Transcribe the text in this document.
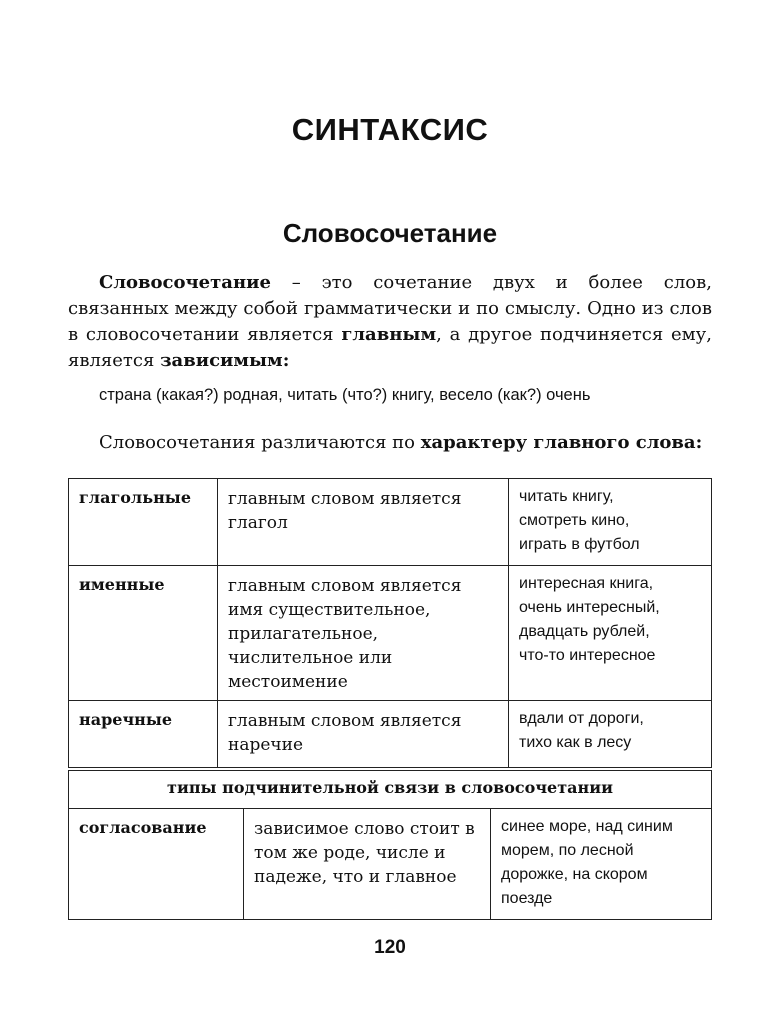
СИНТАКСИС
Словосочетание

Словосочетание – это сочетание двух и более слов, связанных между собой грамматически и по смыслу. Одно из слов в словосочетании является главным, а другое подчиняется ему, является зависимым:

страна (какая?) родная, читать (что?) книгу, весело (как?) очень

Словосочетания различаются по характеру главного слова:

глагольные	главным словом является глагол	читать книгу,
смотреть кино,
играть в футбол

именные	главным словом является имя существительное, прилагательное, числительное или местоимение	интересная книга,
очень интересный,
двадцать рублей,
что-то интересное

наречные	главным словом является наречие	вдали от дороги,
тихо как в лесу
типы подчинительной связи в словосочетании
согласование	зависимое слово стоит в том же роде, числе и падеже, что и главное	
синее море, над синим
морем, по лесной
дорожке, на скором
поезде
120
